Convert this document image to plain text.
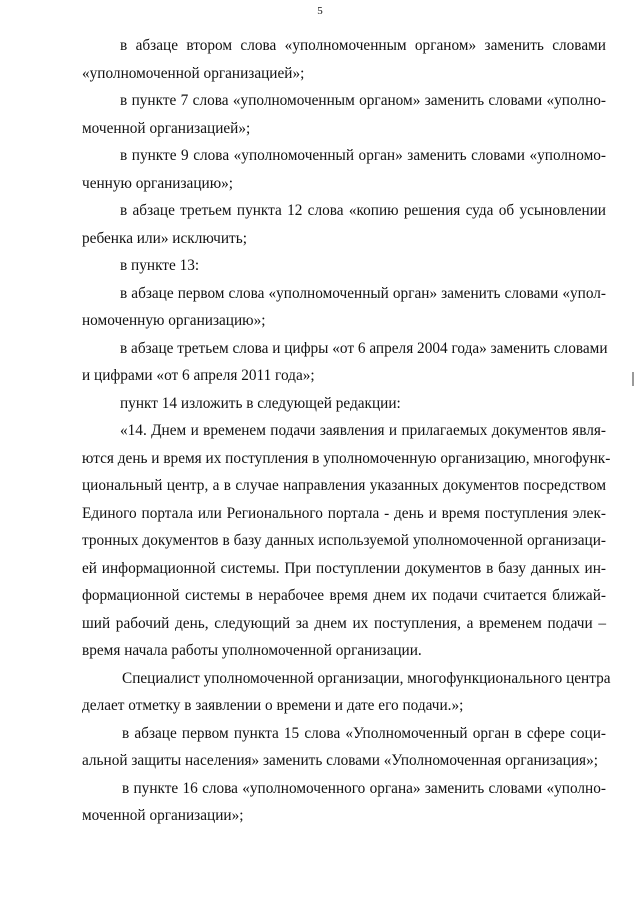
5

в абзаце втором слова «уполномоченным органом» заменить словами
«уполномоченной организацией»;

в пункте 7 слова «уполномоченным органом» заменить словами «уполно-
моченной организацией»;

в пункте 9 слова «уполномоченный орган» заменить словами «уполномо-
ченную организацию»;

в абзаце третьем пункта 12 слова «копию решения суда об усыновлении
ребенка или» исключить;

в пункте 13:

в абзаце первом слова «уполномоченный орган» заменить словами «упол-
номоченную организацию»;

в абзаце третьем слова и цифры «от 6 апреля 2004 года» заменить словами
и цифрами «от 6 апреля 2011 года»;

пункт 14 изложить в следующей редакции:

«14. Днем и временем подачи заявления и прилагаемых документов явля-
ются день и время их поступления в уполномоченную организацию, многофунк-
циональный центр, а в случае направления указанных документов посредством
Единого портала или Регионального портала - день и время поступления элек-
тронных документов в базу данных используемой уполномоченной организаци-
ей информационной системы. При поступлении документов в базу данных ин-
формационной системы в нерабочее время днем их подачи считается ближай-
ший рабочий день, следующий за днем их поступления, а временем подачи –
время начала работы уполномоченной организации.

Специалист уполномоченной организации, многофункционального центра
делает отметку в заявлении о времени и дате его подачи.»;

в абзаце первом пункта 15 слова «Уполномоченный орган в сфере соци-
альной защиты населения» заменить словами «Уполномоченная организация»;

в пункте 16 слова «уполномоченного органа» заменить словами «уполно-
моченной организации»;
